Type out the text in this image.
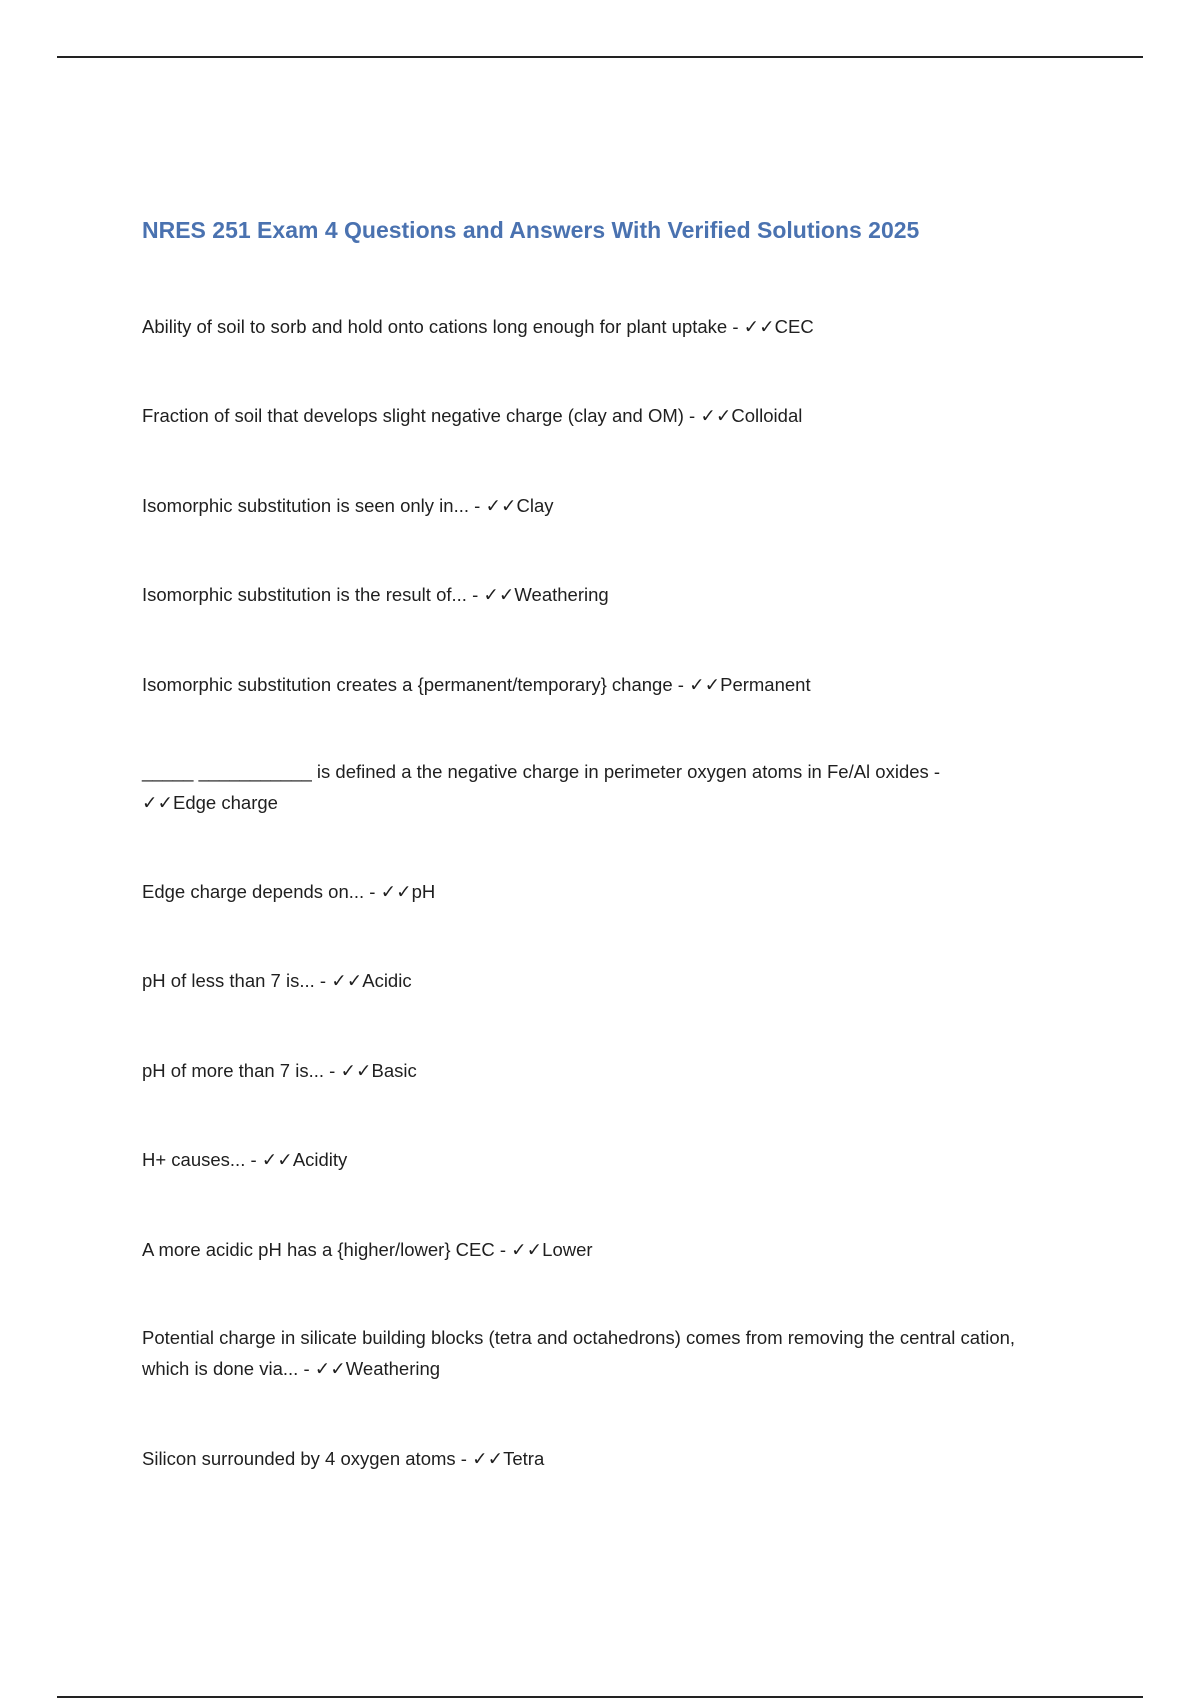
NRES 251 Exam 4 Questions and Answers With Verified Solutions 2025
Ability of soil to sorb and hold onto cations long enough for plant uptake - ✓✓CEC
Fraction of soil that develops slight negative charge (clay and OM) - ✓✓Colloidal
Isomorphic substitution is seen only in... - ✓✓Clay
Isomorphic substitution is the result of... - ✓✓Weathering
Isomorphic substitution creates a {permanent/temporary} change - ✓✓Permanent
_____ ___________ is defined a the negative charge in perimeter oxygen atoms in Fe/Al oxides -
✓✓Edge charge
Edge charge depends on... - ✓✓pH
pH of less than 7 is... - ✓✓Acidic
pH of more than 7 is... - ✓✓Basic
H+ causes... - ✓✓Acidity
A more acidic pH has a {higher/lower} CEC - ✓✓Lower
Potential charge in silicate building blocks (tetra and octahedrons) comes from removing the central cation, which is done via... - ✓✓Weathering
Silicon surrounded by 4 oxygen atoms - ✓✓Tetra
